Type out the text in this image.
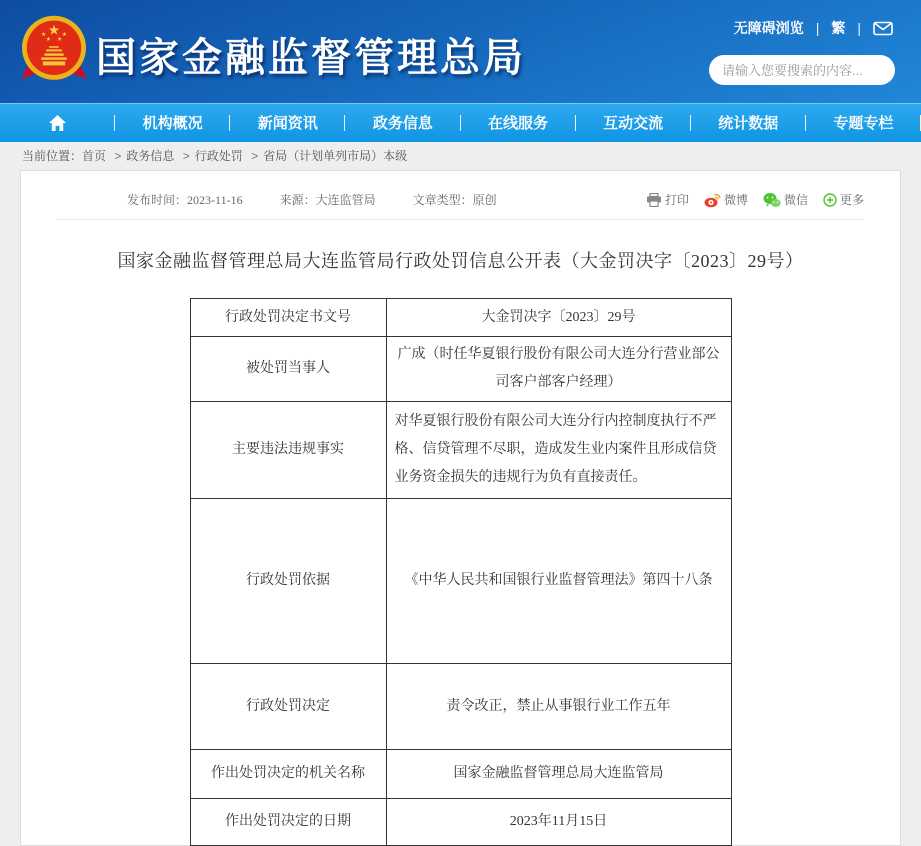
国家金融监督管理总局
无障碍浏览 | 繁 |
请输入您要搜索的内容...
机构概况	新闻资讯	政务信息	在线服务	互动交流	统计数据	专题专栏
当前位置：首页 > 政务信息 > 行政处罚 > 省局（计划单列市局）本级
发布时间：2023-11-16	来源：大连监管局	文章类型：原创	打印	微博	微信	更多
国家金融监督管理总局大连监管局行政处罚信息公开表（大金罚决字〔2023〕29号）
行政处罚决定书文号	大金罚决字〔2023〕29号
被处罚当事人	广成（时任华夏银行股份有限公司大连分行营业部公司客户部客户经理）
主要违法违规事实	对华夏银行股份有限公司大连分行内控制度执行不严格、信贷管理不尽职，造成发生业内案件且形成信贷业务资金损失的违规行为负有直接责任。
行政处罚依据	《中华人民共和国银行业监督管理法》第四十八条
行政处罚决定	责令改正，禁止从事银行业工作五年
作出处罚决定的机关名称	国家金融监督管理总局大连监管局
作出处罚决定的日期	2023年11月15日
